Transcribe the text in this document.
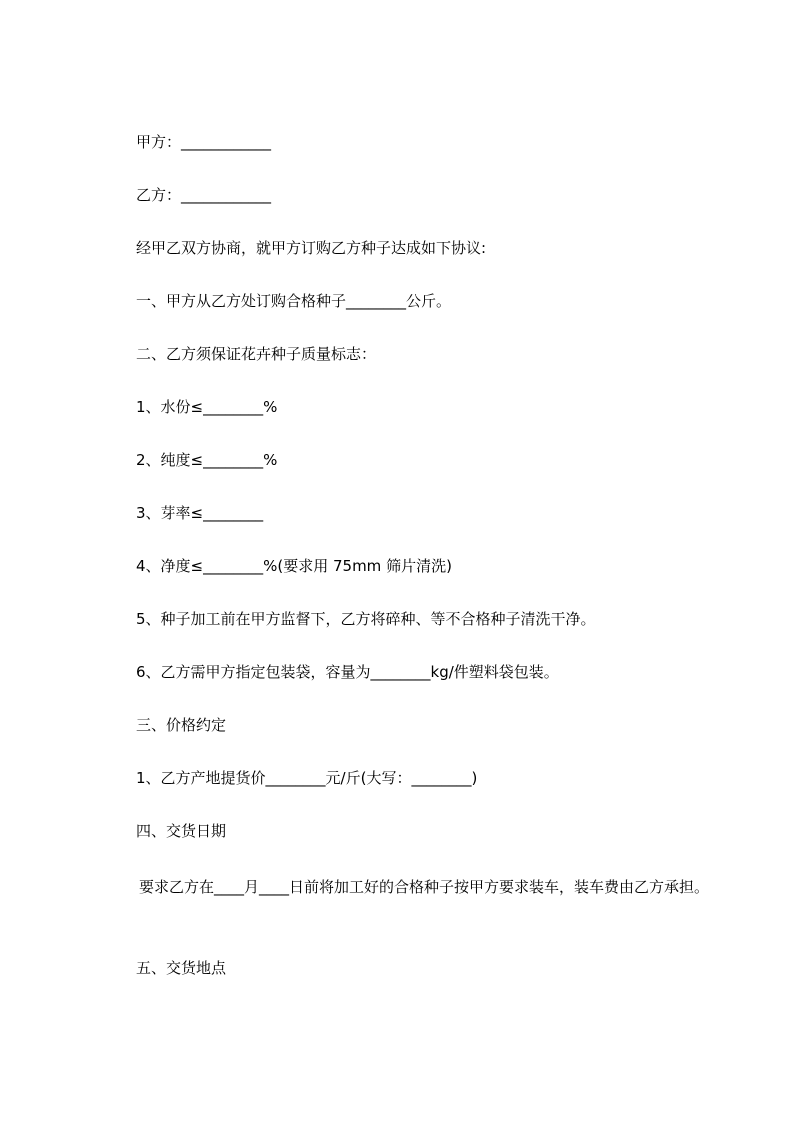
甲方：____________

乙方：____________

经甲乙双方协商，就甲方订购乙方种子达成如下协议:

一、甲方从乙方处订购合格种子________公斤。

二、乙方须保证花卉种子质量标志：

1、水份≤________%

2、纯度≤________%

3、芽率≤________

4、净度≤________%(要求用 75mm 筛片清洗)

5、种子加工前在甲方监督下，乙方将碎种、等不合格种子清洗干净。

6、乙方需甲方指定包装袋，容量为________kg/件塑料袋包装。

三、价格约定

1、乙方产地提货价________元/斤(大写：________)

四、交货日期

要求乙方在____月____日前将加工好的合格种子按甲方要求装车，装车费由乙方承担。

五、交货地点
